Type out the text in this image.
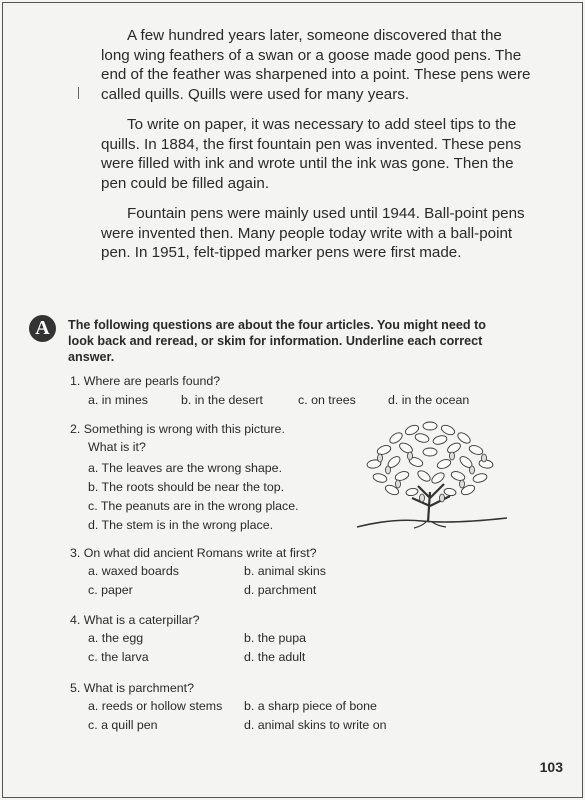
A few hundred years later, someone discovered that the long wing feathers of a swan or a goose made good pens. The end of the feather was sharpened into a point. These pens were called quills. Quills were used for many years.

To write on paper, it was necessary to add steel tips to the quills. In 1884, the first fountain pen was invented. These pens were filled with ink and wrote until the ink was gone. Then the pen could be filled again.

Fountain pens were mainly used until 1944. Ball-point pens were invented then. Many people today write with a ball-point pen. In 1951, felt-tipped marker pens were first made.

A	The following questions are about the four articles. You might need to look back and reread, or skim for information. Underline each correct answer.

1. Where are pearls found?

a. in mines	b. in the desert	c. on trees	d. in the ocean

2. Something is wrong with this picture.

What is it?

a. The leaves are the wrong shape.
b. The roots should be near the top.
c. The peanuts are in the wrong place.
d. The stem is in the wrong place.

3. On what did ancient Romans write at first?

a. waxed boards	b. animal skins
c. paper	d. parchment

4. What is a caterpillar?

a. the egg	b. the pupa
c. the larva	d. the adult

5. What is parchment?

a. reeds or hollow stems b. a sharp piece of bone
c. a quill pen	d. animal skins to write on
103
